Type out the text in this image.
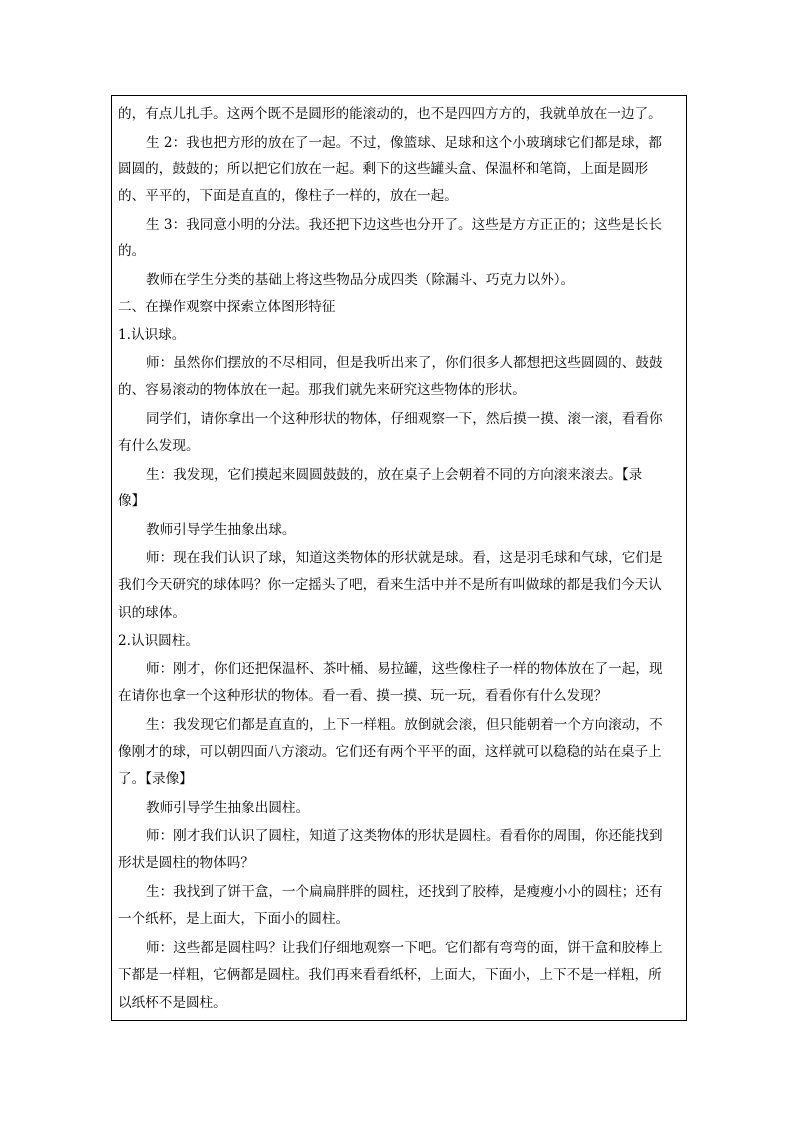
的，有点儿扎手。这两个既不是圆形的能滚动的，也不是四四方方的，我就单放在一边了。
生 2：我也把方形的放在了一起。不过，像篮球、足球和这个小玻璃球它们都是球，都
圆圆的，鼓鼓的；所以把它们放在一起。剩下的这些罐头盒、保温杯和笔筒，上面是圆形
的、平平的，下面是直直的，像柱子一样的，放在一起。
生 3：我同意小明的分法。我还把下边这些也分开了。这些是方方正正的；这些是长长
的。
教师在学生分类的基础上将这些物品分成四类（除漏斗、巧克力以外）。
二、在操作观察中探索立体图形特征
1.认识球。
师：虽然你们摆放的不尽相同，但是我听出来了，你们很多人都想把这些圆圆的、鼓鼓
的、容易滚动的物体放在一起。那我们就先来研究这些物体的形状。
同学们，请你拿出一个这种形状的物体，仔细观察一下，然后摸一摸、滚一滚，看看你
有什么发现。
生：我发现，它们摸起来圆圆鼓鼓的，放在桌子上会朝着不同的方向滚来滚去。【录
像】
教师引导学生抽象出球。
师：现在我们认识了球，知道这类物体的形状就是球。看，这是羽毛球和气球，它们是
我们今天研究的球体吗？你一定摇头了吧，看来生活中并不是所有叫做球的都是我们今天认
识的球体。
2.认识圆柱。
师：刚才，你们还把保温杯、茶叶桶、易拉罐，这些像柱子一样的物体放在了一起，现
在请你也拿一个这种形状的物体。看一看、摸一摸、玩一玩，看看你有什么发现？
生：我发现它们都是直直的，上下一样粗。放倒就会滚，但只能朝着一个方向滚动，不
像刚才的球，可以朝四面八方滚动。它们还有两个平平的面，这样就可以稳稳的站在桌子上
了。【录像】
教师引导学生抽象出圆柱。
师：刚才我们认识了圆柱，知道了这类物体的形状是圆柱。看看你的周围，你还能找到
形状是圆柱的物体吗？
生：我找到了饼干盒，一个扁扁胖胖的圆柱，还找到了胶棒，是瘦瘦小小的圆柱；还有
一个纸杯，是上面大，下面小的圆柱。
师：这些都是圆柱吗？让我们仔细地观察一下吧。它们都有弯弯的面，饼干盒和胶棒上
下都是一样粗，它俩都是圆柱。我们再来看看纸杯，上面大，下面小，上下不是一样粗，所
以纸杯不是圆柱。
